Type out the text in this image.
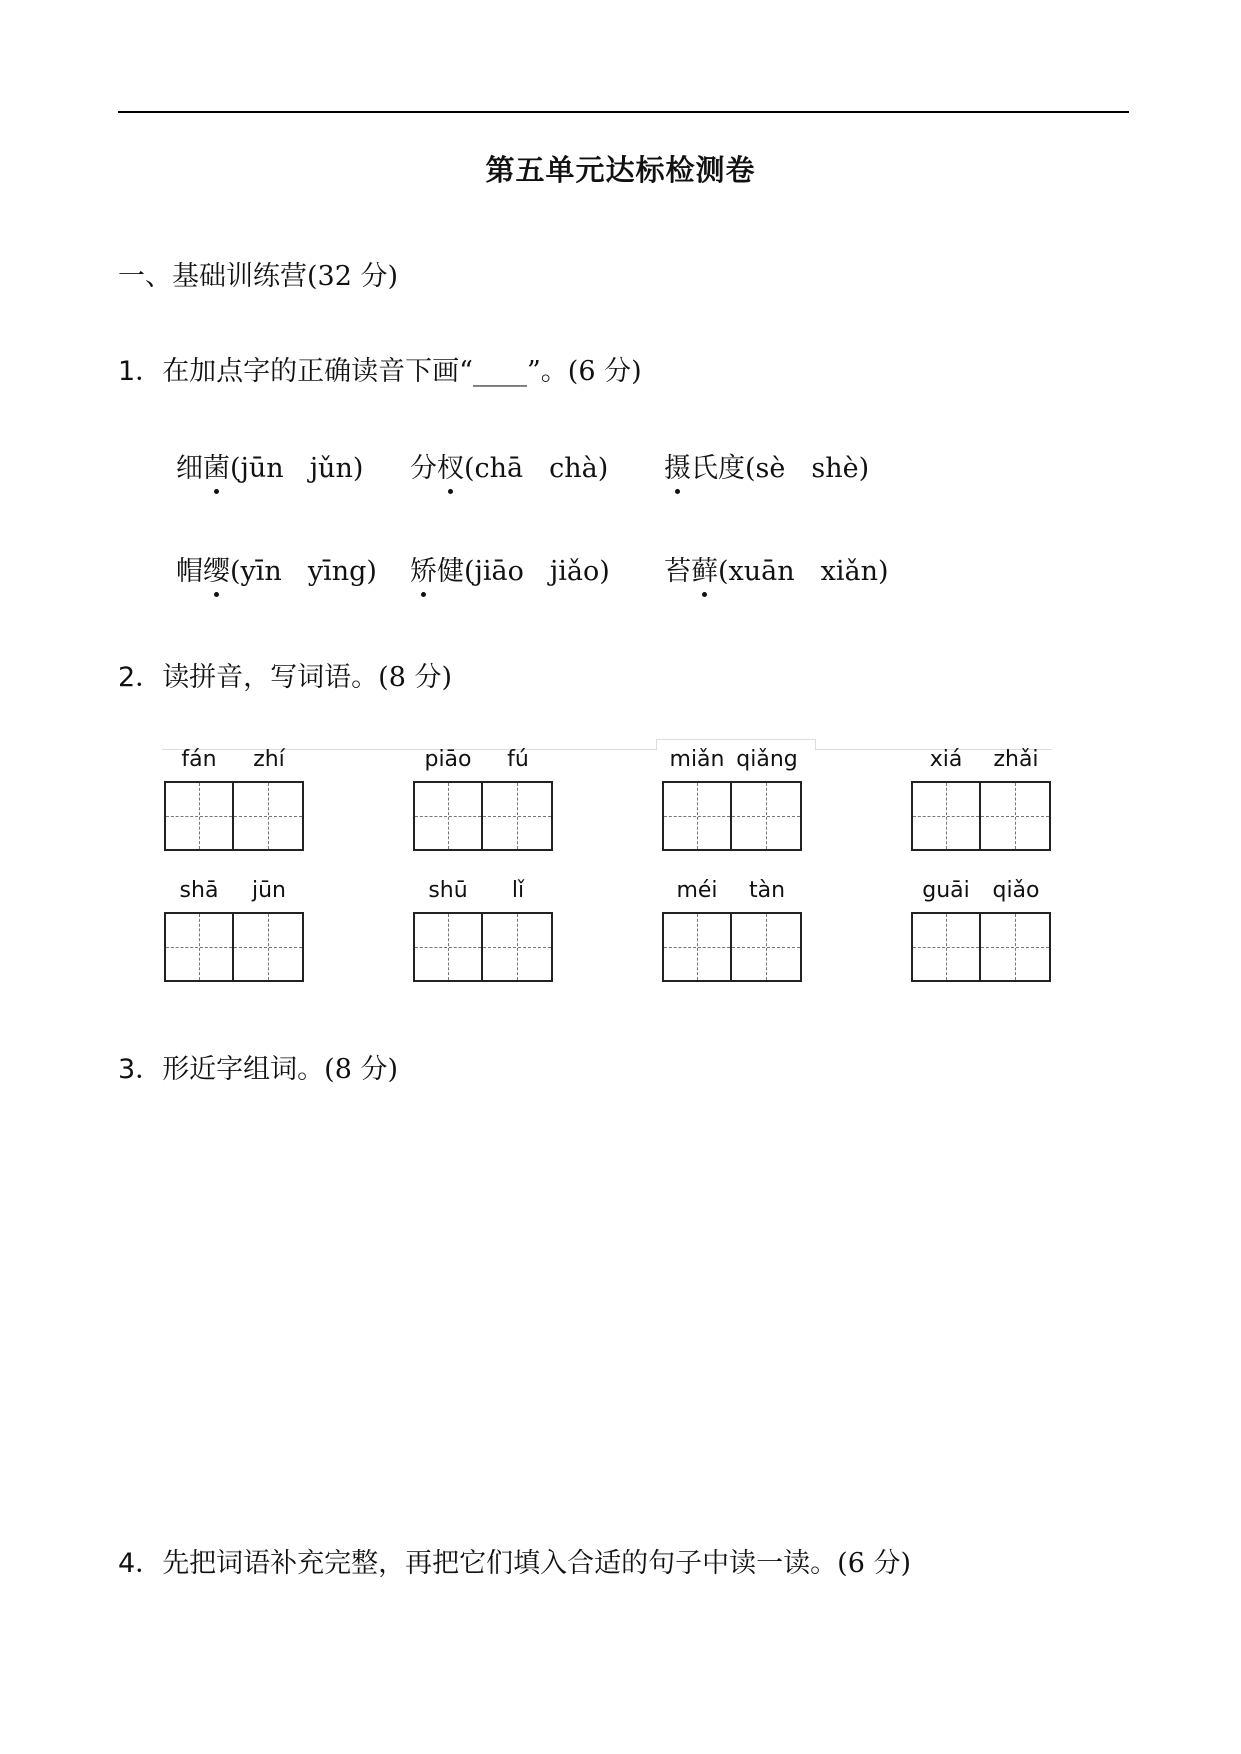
第五单元达标检测卷
一、基础训练营(32 分)
1．在加点字的正确读音下画“____”。(6 分)
细菌(jūn jǔn) 分杈(chā chà) 摄氏度(sè shè)
帽缨(yīn yīng) 矫健(jiāo jiǎo) 苔藓(xuān xiǎn)
2．读拼音，写词语。(8 分)
fán	zhí	piāo	fú	miǎn qiǎng	xiá	zhǎi
shā	jūn	shū	lǐ	méi	tàn	guāi	qiǎo
3．形近字组词。(8 分)
4．先把词语补充完整，再把它们填入合适的句子中读一读。(6 分)
